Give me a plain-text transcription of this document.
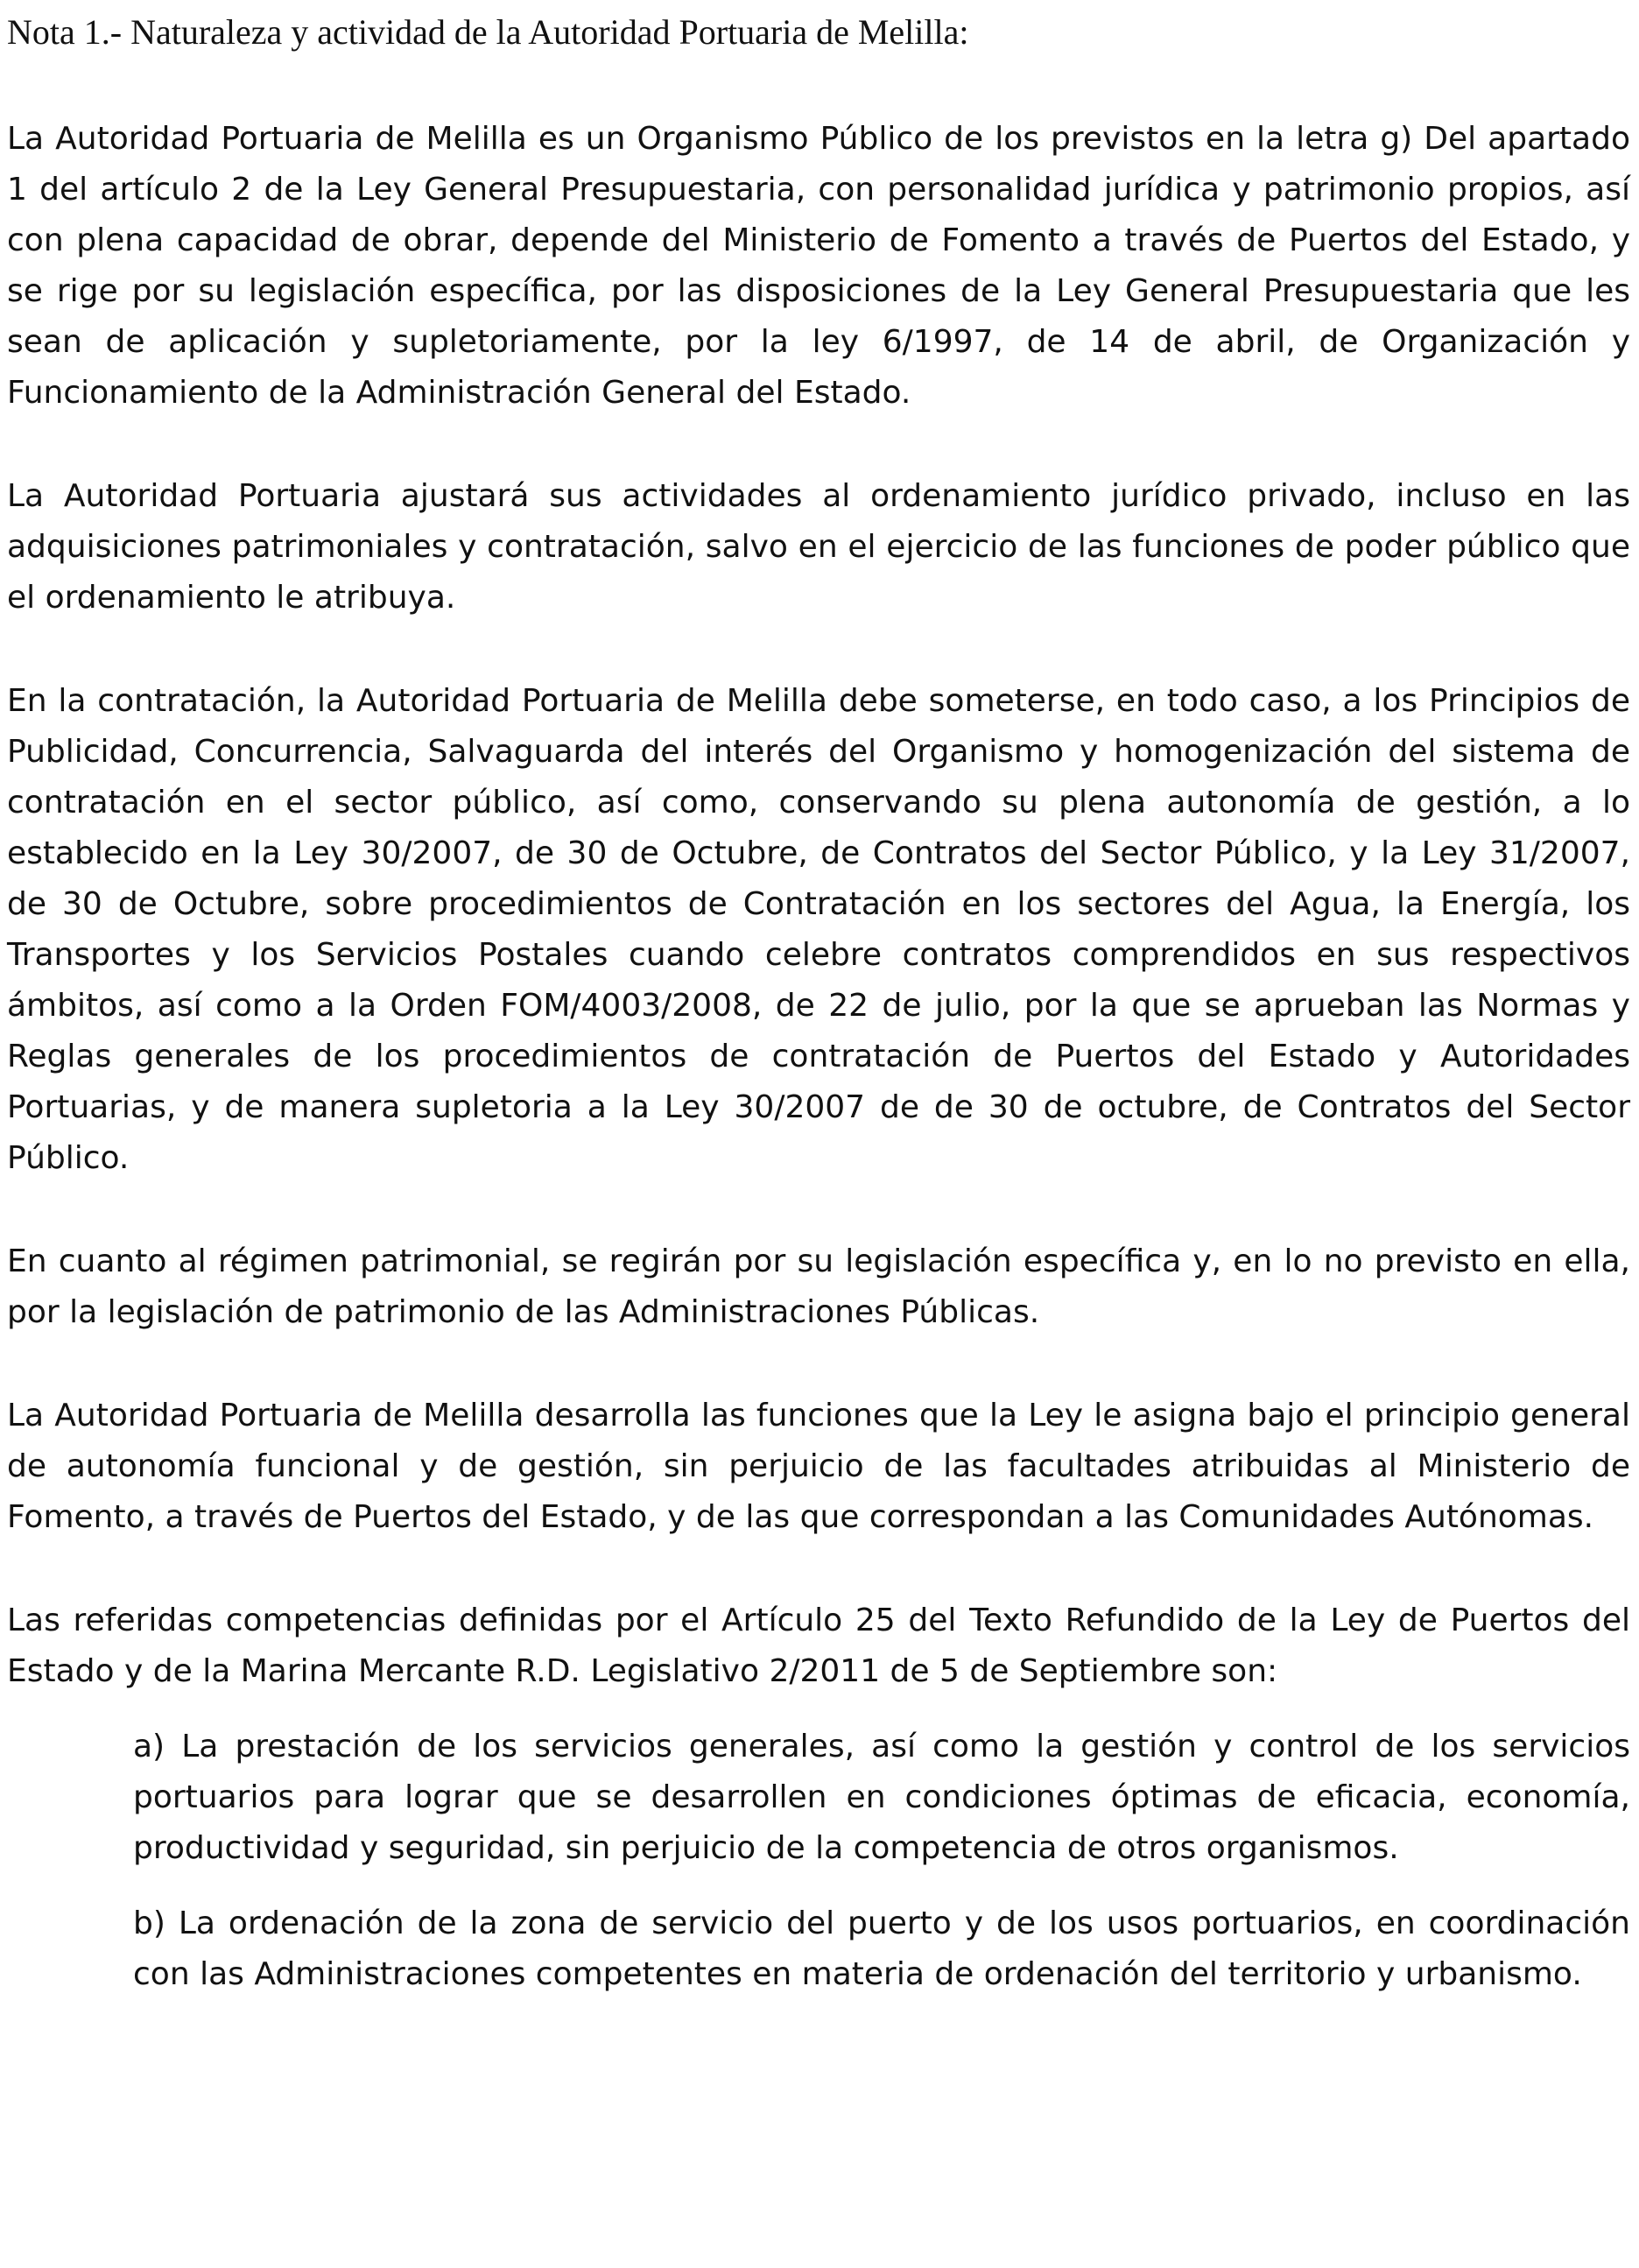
Nota 1.- Naturaleza y actividad de la Autoridad Portuaria de Melilla:

La Autoridad Portuaria de Melilla es un Organismo Público de los previstos en la letra g) Del apartado 1 del artículo 2 de la Ley General Presupuestaria, con personalidad jurídica y patrimonio propios, así con plena capacidad de obrar, depende del Ministerio de Fomento a través de Puertos del Estado, y se rige por su legislación específica, por las disposiciones de la Ley General Presupuestaria que les sean de aplicación y supletoriamente, por la ley 6/1997, de 14 de abril, de Organización y Funcionamiento de la Administración General del Estado.

La Autoridad Portuaria ajustará sus actividades al ordenamiento jurídico privado, incluso en las adquisiciones patrimoniales y contratación, salvo en el ejercicio de las funciones de poder público que el ordenamiento le atribuya.

En la contratación, la Autoridad Portuaria de Melilla debe someterse, en todo caso, a los Principios de Publicidad, Concurrencia, Salvaguarda del interés del Organismo y homogenización del sistema de contratación en el sector público, así como, conservando su plena autonomía de gestión, a lo establecido en la Ley 30/2007, de 30 de Octubre, de Contratos del Sector Público, y la Ley 31/2007, de 30 de Octubre, sobre procedimientos de Contratación en los sectores del Agua, la Energía, los Transportes y los Servicios Postales cuando celebre contratos comprendidos en sus respectivos ámbitos, así como a la Orden FOM/4003/2008, de 22 de julio, por la que se aprueban las Normas y Reglas generales de los procedimientos de contratación de Puertos del Estado y Autoridades Portuarias, y de manera supletoria a la Ley 30/2007 de de 30 de octubre, de Contratos del Sector Público.

En cuanto al régimen patrimonial, se regirán por su legislación específica y, en lo no previsto en ella, por la legislación de patrimonio de las Administraciones Públicas.

La Autoridad Portuaria de Melilla desarrolla las funciones que la Ley le asigna bajo el principio general de autonomía funcional y de gestión, sin perjuicio de las facultades atribuidas al Ministerio de Fomento, a través de Puertos del Estado, y de las que correspondan a las Comunidades Autónomas.

Las referidas competencias definidas por el Artículo 25 del Texto Refundido de la Ley de Puertos del Estado y de la Marina Mercante R.D. Legislativo 2/2011 de 5 de Septiembre son:

a) La prestación de los servicios generales, así como la gestión y control de los servicios portuarios para lograr que se desarrollen en condiciones óptimas de eficacia, economía, productividad y seguridad, sin perjuicio de la competencia de otros organismos.

b) La ordenación de la zona de servicio del puerto y de los usos portuarios, en coordinación con las Administraciones competentes en materia de ordenación del territorio y urbanismo.
